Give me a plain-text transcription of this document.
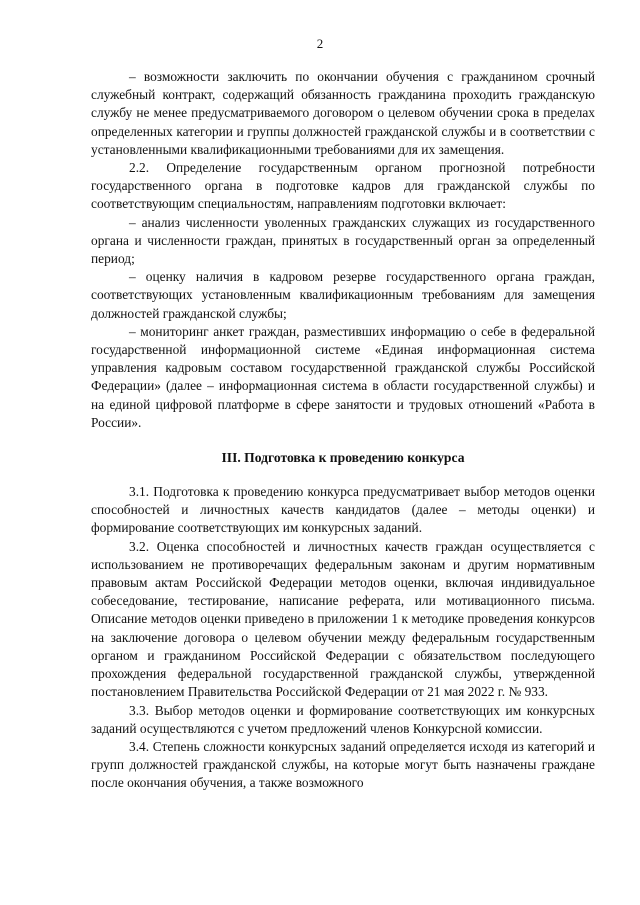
2

– возможности заключить по окончании обучения с гражданином срочный служебный контракт, содержащий обязанность гражданина проходить гражданскую службу не менее предусматриваемого договором о целевом обучении срока в пределах определенных категории и группы должностей гражданской службы и в соответствии с установленными квалификационными требованиями для их замещения.

2.2. Определение государственным органом прогнозной потребности государственного органа в подготовке кадров для гражданской службы по соответствующим специальностям, направлениям подготовки включает:

– анализ численности уволенных гражданских служащих из государственного органа и численности граждан, принятых в государственный орган за определенный период;

– оценку наличия в кадровом резерве государственного органа граждан, соответствующих установленным квалификационным требованиям для замещения должностей гражданской службы;

– мониторинг анкет граждан, разместивших информацию о себе в федеральной государственной информационной системе «Единая информационная система управления кадровым составом государственной гражданской службы Российской Федерации» (далее – информационная система в области государственной службы) и на единой цифровой платформе в сфере занятости и трудовых отношений «Работа в России».

III. Подготовка к проведению конкурса

3.1. Подготовка к проведению конкурса предусматривает выбор методов оценки способностей и личностных качеств кандидатов (далее – методы оценки) и формирование соответствующих им конкурсных заданий.

3.2. Оценка способностей и личностных качеств граждан осуществляется с использованием не противоречащих федеральным законам и другим нормативным правовым актам Российской Федерации методов оценки, включая индивидуальное собеседование, тестирование, написание реферата, или мотивационного письма. Описание методов оценки приведено в приложении 1 к методике проведения конкурсов на заключение договора о целевом обучении между федеральным государственным органом и гражданином Российской Федерации с обязательством последующего прохождения федеральной государственной гражданской службы, утвержденной постановлением Правительства Российской Федерации от 21 мая 2022 г. № 933.

3.3. Выбор методов оценки и формирование соответствующих им конкурсных заданий осуществляются с учетом предложений членов Конкурсной комиссии.

3.4. Степень сложности конкурсных заданий определяется исходя из категорий и групп должностей гражданской службы, на которые могут быть назначены граждане после окончания обучения, а также возможного
